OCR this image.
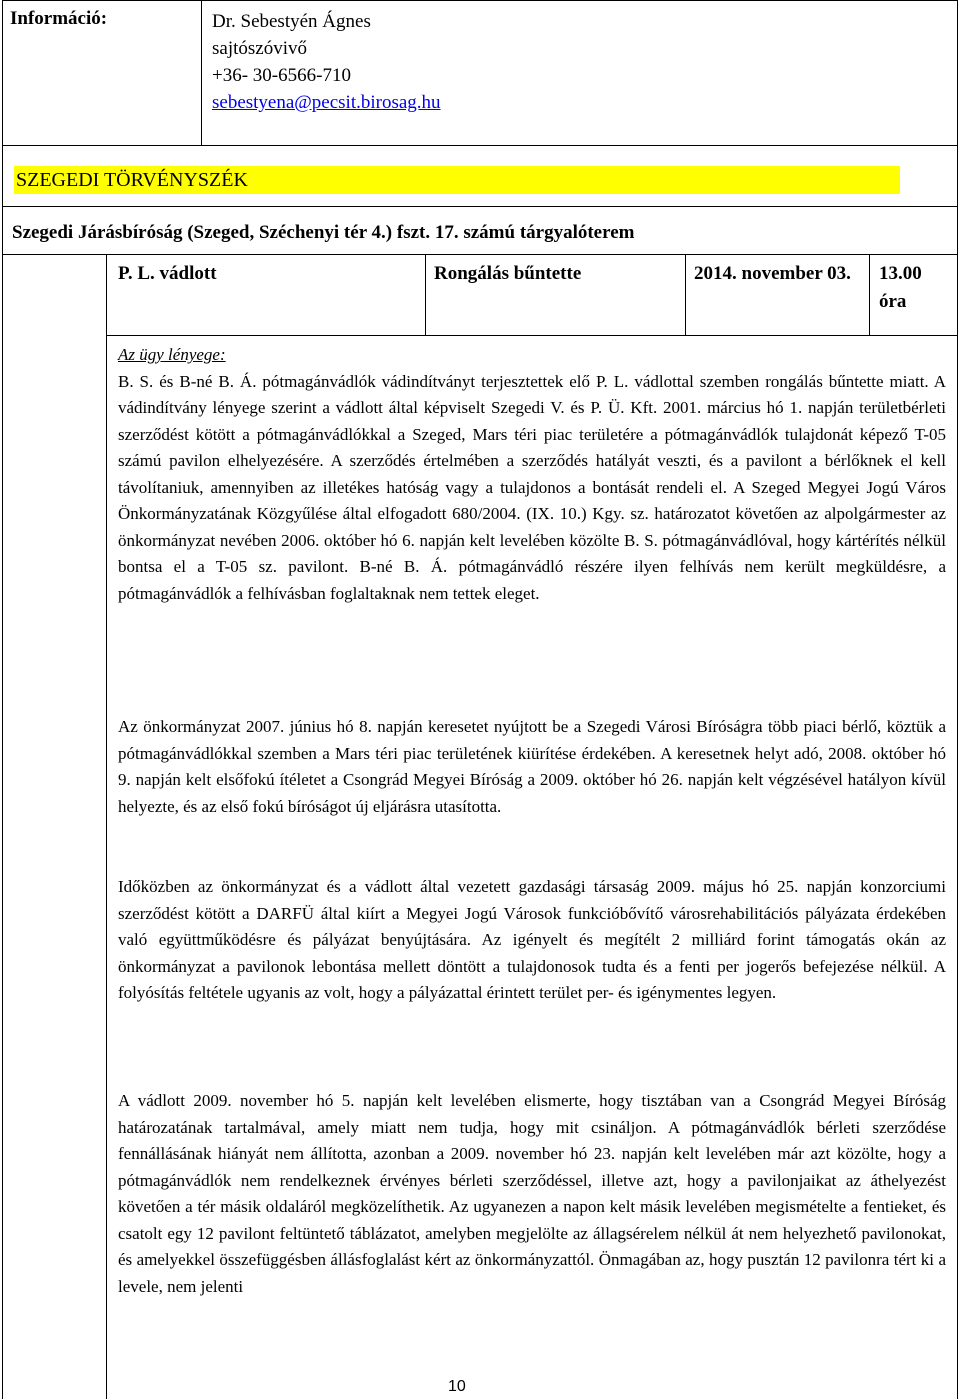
Információ:	Dr. Sebestyén Ágnes
sajtószóvivő
+36- 30-6566-710
sebestyena@pecsit.birosag.hu
SZEGEDI TÖRVÉNYSZÉK
Szegedi Járásbíróság (Szeged, Széchenyi tér 4.) fszt. 17. számú tárgyalóterem
P. L. vádlott	Rongálás bűntette	2014. november 03. 13.00 óra

Az ügy lényege:

B. S. és B-né B. Á. pótmagánvádlók vádindítványt terjesztettek elő P. L. vádlottal szemben rongálás bűntette miatt. A vádindítvány lényege szerint a vádlott által képviselt Szegedi V. és P. Ü. Kft. 2001. március hó 1. napján területbérleti szerződést kötött a pótmagánvádlókkal a Szeged, Mars téri piac területére a pótmagánvádlók tulajdonát képező T-05 számú pavilon elhelyezésére. A szerződés értelmében a szerződés hatályát veszti, és a pavilont a bérlőknek el kell távolítaniuk, amennyiben az illetékes hatóság vagy a tulajdonos a bontását rendeli el. A Szeged Megyei Jogú Város Önkormányzatának Közgyűlése által elfogadott 680/2004. (IX. 10.) Kgy. sz. határozatot követően az alpolgármester az önkormányzat nevében 2006. október hó 6. napján kelt levelében közölte B. S. pótmagánvádlóval, hogy kártérítés nélkül bontsa el a T-05 sz. pavilont. B-né B. Á. pótmagánvádló részére ilyen felhívás nem került megküldésre, a pótmagánvádlók a felhívásban foglaltaknak nem tettek eleget.

Az önkormányzat 2007. június hó 8. napján keresetet nyújtott be a Szegedi Városi Bíróságra több piaci bérlő, köztük a pótmagánvádlókkal szemben a Mars téri piac területének kiürítése érdekében. A keresetnek helyt adó, 2008. október hó 9. napján kelt elsőfokú ítéletet a Csongrád Megyei Bíróság a 2009. október hó 26. napján kelt végzésével hatályon kívül helyezte, és az első fokú bíróságot új eljárásra utasította.

Időközben az önkormányzat és a vádlott által vezetett gazdasági társaság 2009. május hó 25. napján konzorciumi szerződést kötött a DARFÜ által kiírt a Megyei Jogú Városok funkcióbővítő városrehabilitációs pályázata érdekében való együttműködésre és pályázat benyújtására. Az igényelt és megítélt 2 milliárd forint támogatás okán az önkormányzat a pavilonok lebontása mellett döntött a tulajdonosok tudta és a fenti per jogerős befejezése nélkül. A folyósítás feltétele ugyanis az volt, hogy a pályázattal érintett terület per- és igénymentes legyen.

A vádlott 2009. november hó 5. napján kelt levelében elismerte, hogy tisztában van a Csongrád Megyei Bíróság határozatának tartalmával, amely miatt nem tudja, hogy mit csináljon. A pótmagánvádlók bérleti szerződése fennállásának hiányát nem állította, azonban a 2009. november hó 23. napján kelt levelében már azt közölte, hogy a pótmagánvádlók nem rendelkeznek érvényes bérleti szerződéssel, illetve azt, hogy a pavilonjaikat az áthelyezést követően a tér másik oldaláról megközelíthetik. Az ugyanezen a napon kelt másik levelében megismételte a fentieket, és csatolt egy 12 pavilont feltüntető táblázatot, amelyben megjelölte az állagsérelem nélkül át nem helyezhető pavilonokat, és amelyekkel összefüggésben állásfoglalást kért az önkormányzattól. Önmagában az, hogy pusztán 12 pavilonra tért ki a levele, nem jelenti

10
